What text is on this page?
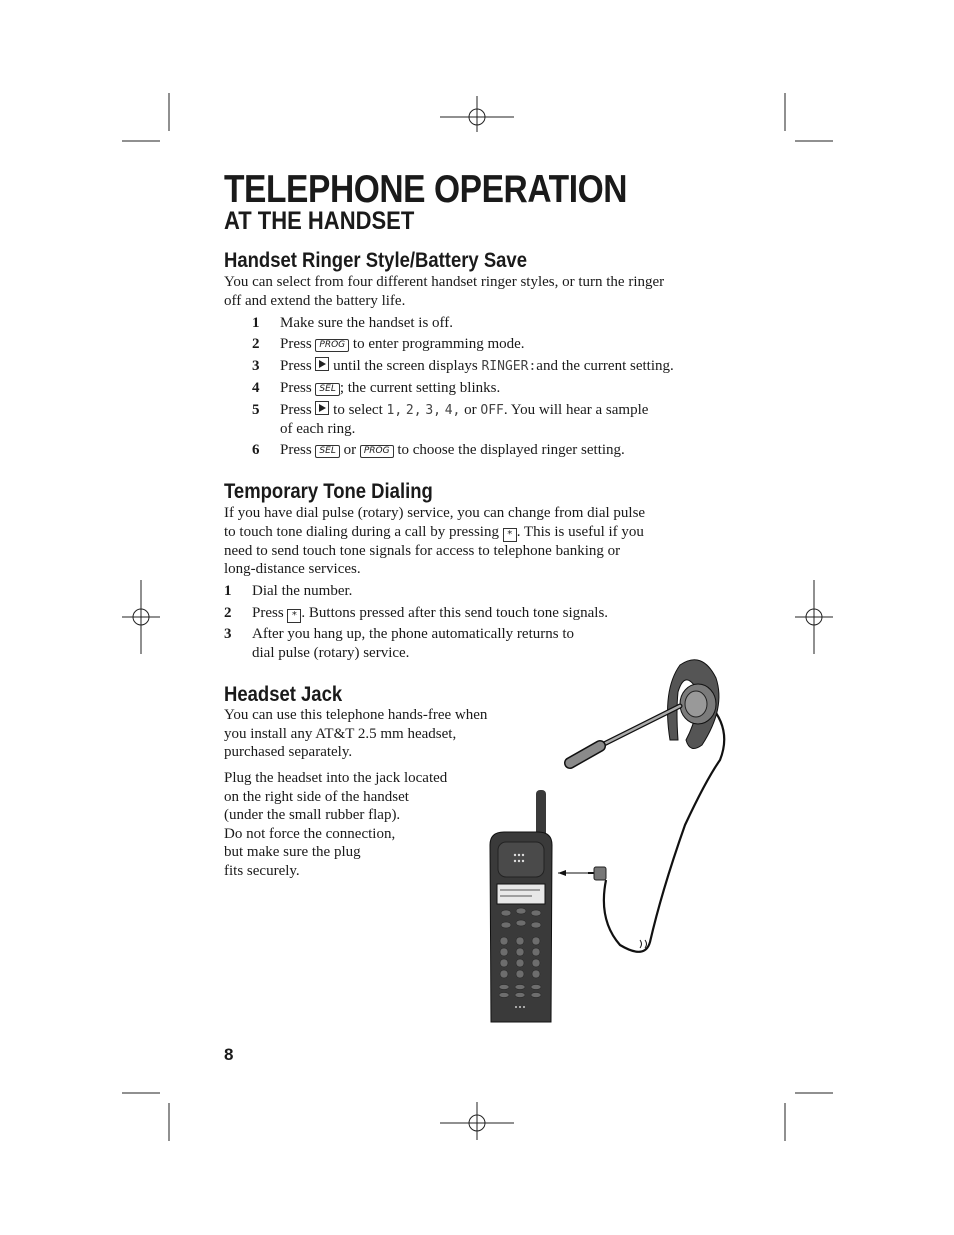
TELEPHONE OPERATION
AT THE HANDSET
Handset Ringer Style/Battery Save
You can select from four different handset ringer styles, or turn the ringer
off and extend the battery life.
1 Make sure the handset is off.
2 Press PROG to enter programming mode.
3 Press until the screen displays RINGER:and the current setting.
4 Press SEL ; the current setting blinks.
5 Press to select 1, 2, 3, 4, or OFF. You will hear a sample
of each ring.
6 Press SEL or PROG to choose the displayed ringer setting.
Temporary Tone Dialing
If you have dial pulse (rotary) service, you can change from dial pulse
to touch tone dialing during a call by pressing * . This is useful if you
need to send touch tone signals for access to telephone banking or
long-distance services.
1 Dial the number.
2 Press * . Buttons pressed after this send touch tone signals.
3 After you hang up, the phone automatically returns to
dial pulse (rotary) service.
Headset Jack
You can use this telephone hands-free when
you install any AT&T 2.5 mm headset,
purchased separately.
Plug the headset into the jack located
on the right side of the handset
(under the small rubber flap).
Do not force the connection,
but make sure the plug
fits securely.
8
